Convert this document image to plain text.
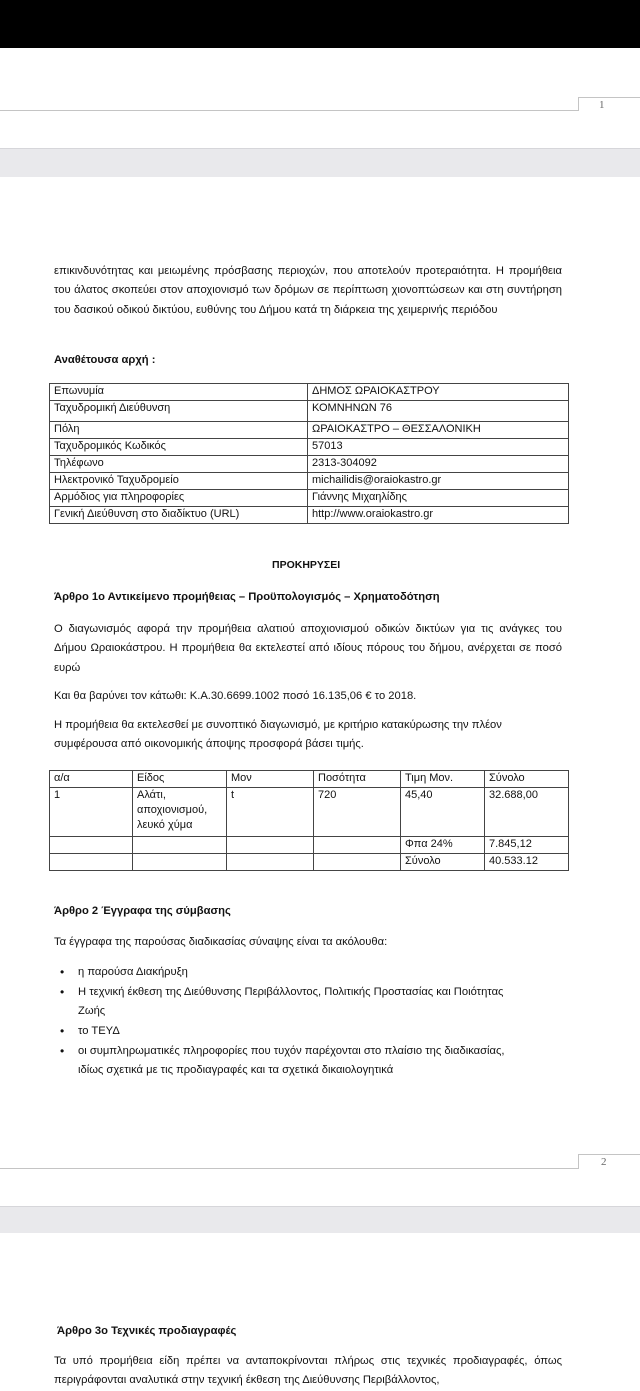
1
επικινδυνότητας και μειωμένης πρόσβασης περιοχών, που αποτελούν προτεραιότητα. Η προμήθεια του άλατος σκοπεύει στον αποχιονισμό των δρόμων σε περίπτωση χιονοπτώσεων και στη συντήρηση του δασικού οδικού δικτύου, ευθύνης του Δήμου κατά τη διάρκεια της χειμερινής περιόδου
Αναθέτουσα αρχή :
Επωνυμία	ΔΗΜΟΣ ΩΡΑΙΟΚΑΣΤΡΟΥ
Ταχυδρομική Διεύθυνση	ΚΟΜΝΗΝΩΝ 76
Πόλη	ΩΡΑΙΟΚΑΣΤΡΟ – ΘΕΣΣΑΛΟΝΙΚΗ
Ταχυδρομικός Κωδικός	57013
Τηλέφωνο	2313-304092
Ηλεκτρονικό Ταχυδρομείο	michailidis@oraiokastro.gr
Αρμόδιος για πληροφορίες	Γιάννης Μιχαηλίδης
Γενική Διεύθυνση στο διαδίκτυο (URL)	http://www.oraiokastro.gr
ΠΡΟΚΗΡΥΣΕΙ
Άρθρο 1ο Αντικείμενο προμήθειας – Προϋπολογισμός – Χρηματοδότηση
Ο διαγωνισμός αφορά την προμήθεια αλατιού αποχιονισμού οδικών δικτύων για τις ανάγκες του Δήμου Ωραιοκάστρου. Η προμήθεια θα εκτελεστεί από ιδίους πόρους του δήμου, ανέρχεται σε ποσό ευρώ
Και θα βαρύνει τον κάτωθι: Κ.Α.30.6699.1002 ποσό 16.135,06 € το 2018.
Η προμήθεια θα εκτελεσθεί με συνοπτικό διαγωνισμό, με κριτήριο κατακύρωσης την πλέον συμφέρουσα από οικονομικής άποψης προσφορά βάσει τιμής.
α/α	Είδος	Μον	Ποσότητα	Τιμη Μον.	Σύνολο
1	Αλάτι, αποχιονισμού, λευκό χύμα	t	720	45,40	32.688,00
				Φπα 24%	7.845,12
				Σύνολο	40.533.12
Άρθρο 2 Έγγραφα της σύμβασης
Τα έγγραφα της παρούσας διαδικασίας σύναψης είναι τα ακόλουθα:
• η παρούσα Διακήρυξη
• Η τεχνική έκθεση της Διεύθυνσης Περιβάλλοντος, Πολιτικής Προστασίας και Ποιότητας Ζωής
• το ΤΕΥΔ
• οι συμπληρωματικές πληροφορίες που τυχόν παρέχονται στο πλαίσιο της διαδικασίας, ιδίως σχετικά με τις προδιαγραφές και τα σχετικά δικαιολογητικά
2
Άρθρο 3ο Τεχνικές προδιαγραφές
Τα υπό προμήθεια είδη πρέπει να ανταποκρίνονται πλήρως στις τεχνικές προδιαγραφές, όπως περιγράφονται αναλυτικά στην τεχνική έκθεση της Διεύθυνσης Περιβάλλοντος,
